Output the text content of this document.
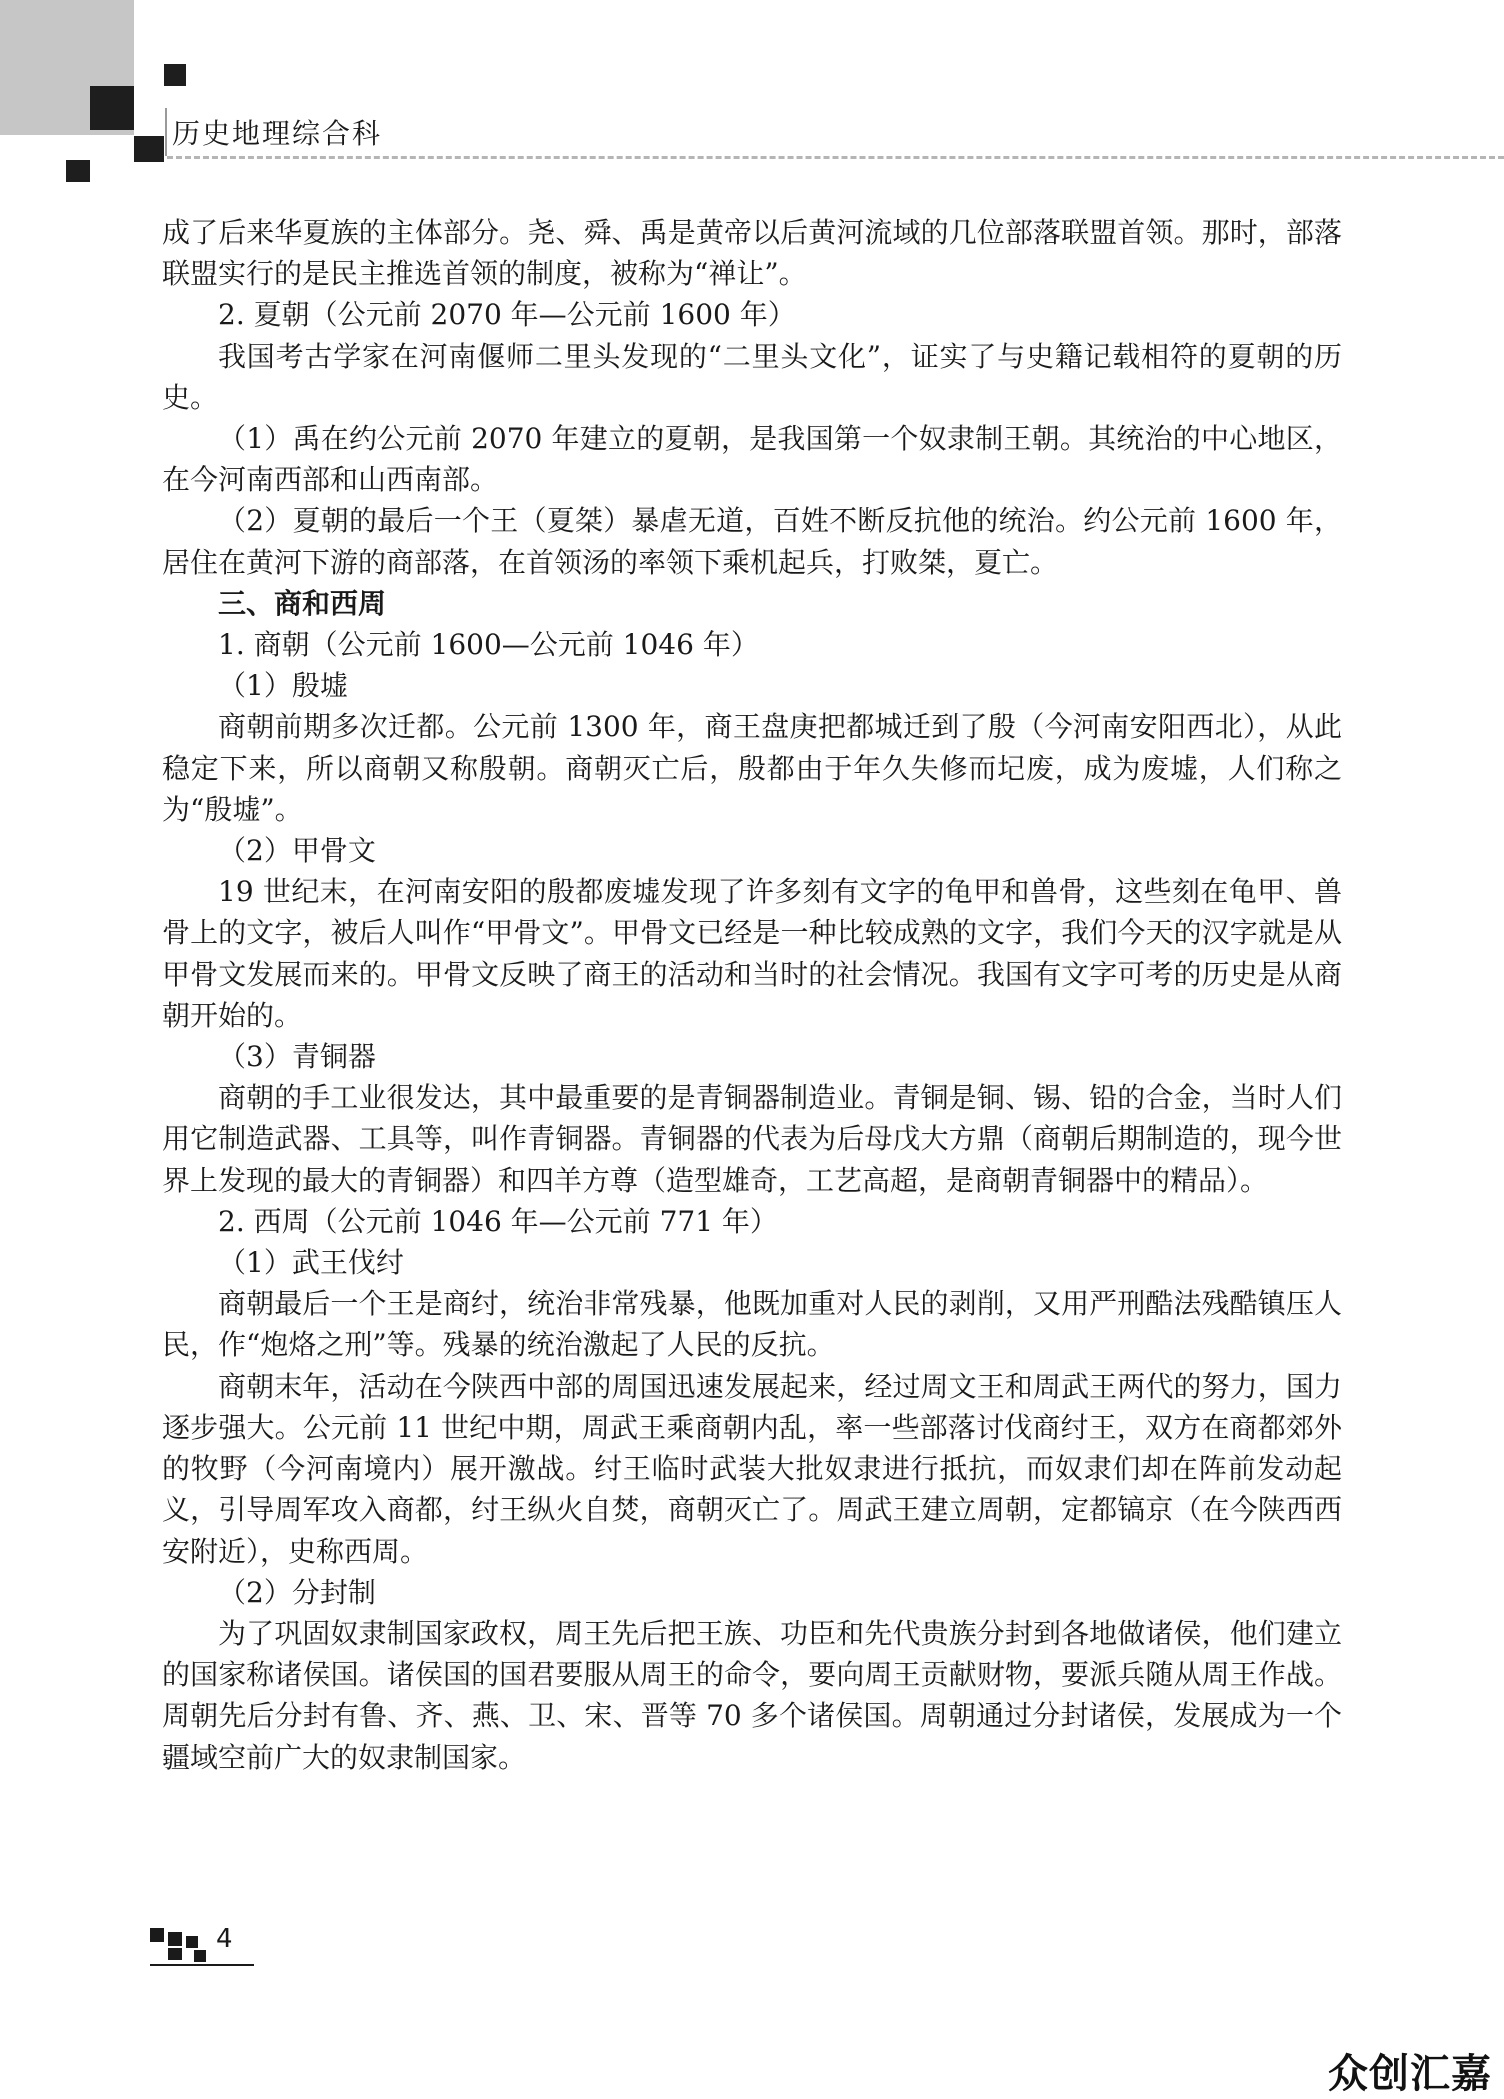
历史地理综合科

成了后来华夏族的主体部分。尧、舜、禹是黄帝以后黄河流域的几位部落联盟首领。那时，部落联盟实行的是民主推选首领的制度，被称为“禅让”。

2. 夏朝（公元前 2070 年—公元前 1600 年）

我国考古学家在河南偃师二里头发现的“二里头文化”，证实了与史籍记载相符的夏朝的历史。

（1）禹在约公元前 2070 年建立的夏朝，是我国第一个奴隶制王朝。其统治的中心地区，在今河南西部和山西南部。

（2）夏朝的最后一个王（夏桀）暴虐无道，百姓不断反抗他的统治。约公元前 1600 年，居住在黄河下游的商部落，在首领汤的率领下乘机起兵，打败桀，夏亡。

三、商和西周

1. 商朝（公元前 1600—公元前 1046 年）

（1）殷墟

商朝前期多次迁都。公元前 1300 年，商王盘庚把都城迁到了殷（今河南安阳西北），从此稳定下来，所以商朝又称殷朝。商朝灭亡后，殷都由于年久失修而圮废，成为废墟，人们称之为“殷墟”。

（2）甲骨文

19 世纪末，在河南安阳的殷都废墟发现了许多刻有文字的龟甲和兽骨，这些刻在龟甲、兽骨上的文字，被后人叫作“甲骨文”。甲骨文已经是一种比较成熟的文字，我们今天的汉字就是从甲骨文发展而来的。甲骨文反映了商王的活动和当时的社会情况。我国有文字可考的历史是从商朝开始的。

（3）青铜器

商朝的手工业很发达，其中最重要的是青铜器制造业。青铜是铜、锡、铅的合金，当时人们用它制造武器、工具等，叫作青铜器。青铜器的代表为后母戊大方鼎（商朝后期制造的，现今世界上发现的最大的青铜器）和四羊方尊（造型雄奇，工艺高超，是商朝青铜器中的精品）。

2. 西周（公元前 1046 年—公元前 771 年）

（1）武王伐纣

商朝最后一个王是商纣，统治非常残暴，他既加重对人民的剥削，又用严刑酷法残酷镇压人民，作“炮烙之刑”等。残暴的统治激起了人民的反抗。

商朝末年，活动在今陕西中部的周国迅速发展起来，经过周文王和周武王两代的努力，国力逐步强大。公元前 11 世纪中期，周武王乘商朝内乱，率一些部落讨伐商纣王，双方在商都郊外的牧野（今河南境内）展开激战。纣王临时武装大批奴隶进行抵抗，而奴隶们却在阵前发动起义，引导周军攻入商都，纣王纵火自焚，商朝灭亡了。周武王建立周朝，定都镐京（在今陕西西安附近），史称西周。

（2）分封制

为了巩固奴隶制国家政权，周王先后把王族、功臣和先代贵族分封到各地做诸侯，他们建立的国家称诸侯国。诸侯国的国君要服从周王的命令，要向周王贡献财物，要派兵随从周王作战。周朝先后分封有鲁、齐、燕、卫、宋、晋等 70 多个诸侯国。周朝通过分封诸侯，发展成为一个疆域空前广大的奴隶制国家。

4
众创汇嘉
